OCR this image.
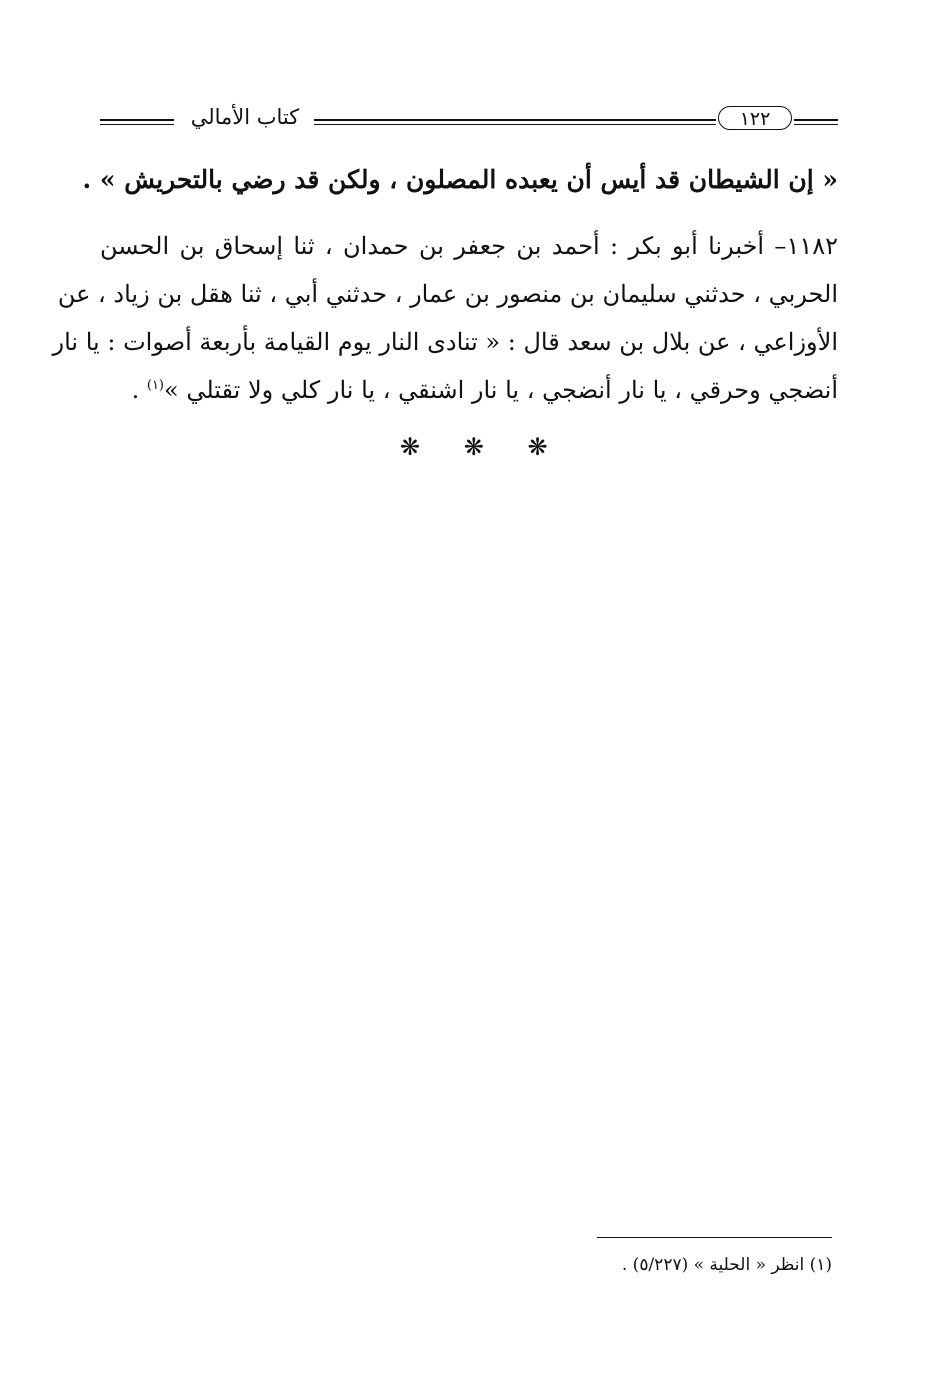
كتاب الأمالي	١٢٢
« إن الشيطان قد أيس أن يعبده المصلون ، ولكن قد رضي بالتحريش » .
١١٨٢– أخبرنا أبو بكر : أحمد بن جعفر بن حمدان ، ثنا إسحاق بن الحسن
الحربي ، حدثني سليمان بن منصور بن عمار ، حدثني أبي ، ثنا هقل بن زياد ، عن
الأوزاعي ، عن بلال بن سعد قال : « تنادى النار يوم القيامة بأربعة أصوات : يا نار
أنضجي وحرقي ، يا نار أنضجي ، يا نار اشنقي ، يا نار كلي ولا تقتلي »$^{(١)}$ .
❋ ❋ ❋
(١) انظر « الحلية » (٥/٢٢٧) .
